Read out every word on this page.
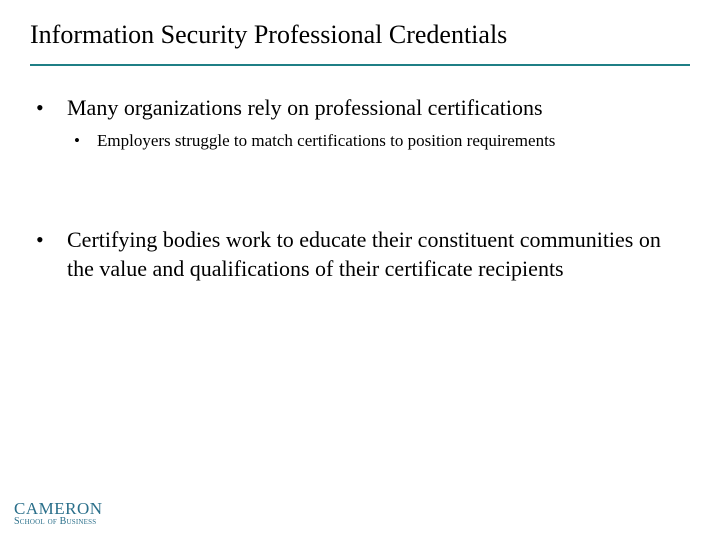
Information Security Professional Credentials
•	Many organizations rely on professional certifications
•	Employers struggle to match certifications to position requirements
•	Certifying bodies work to educate their constituent communities on the value and qualifications of their certificate recipients
CAMERON
School of Business
